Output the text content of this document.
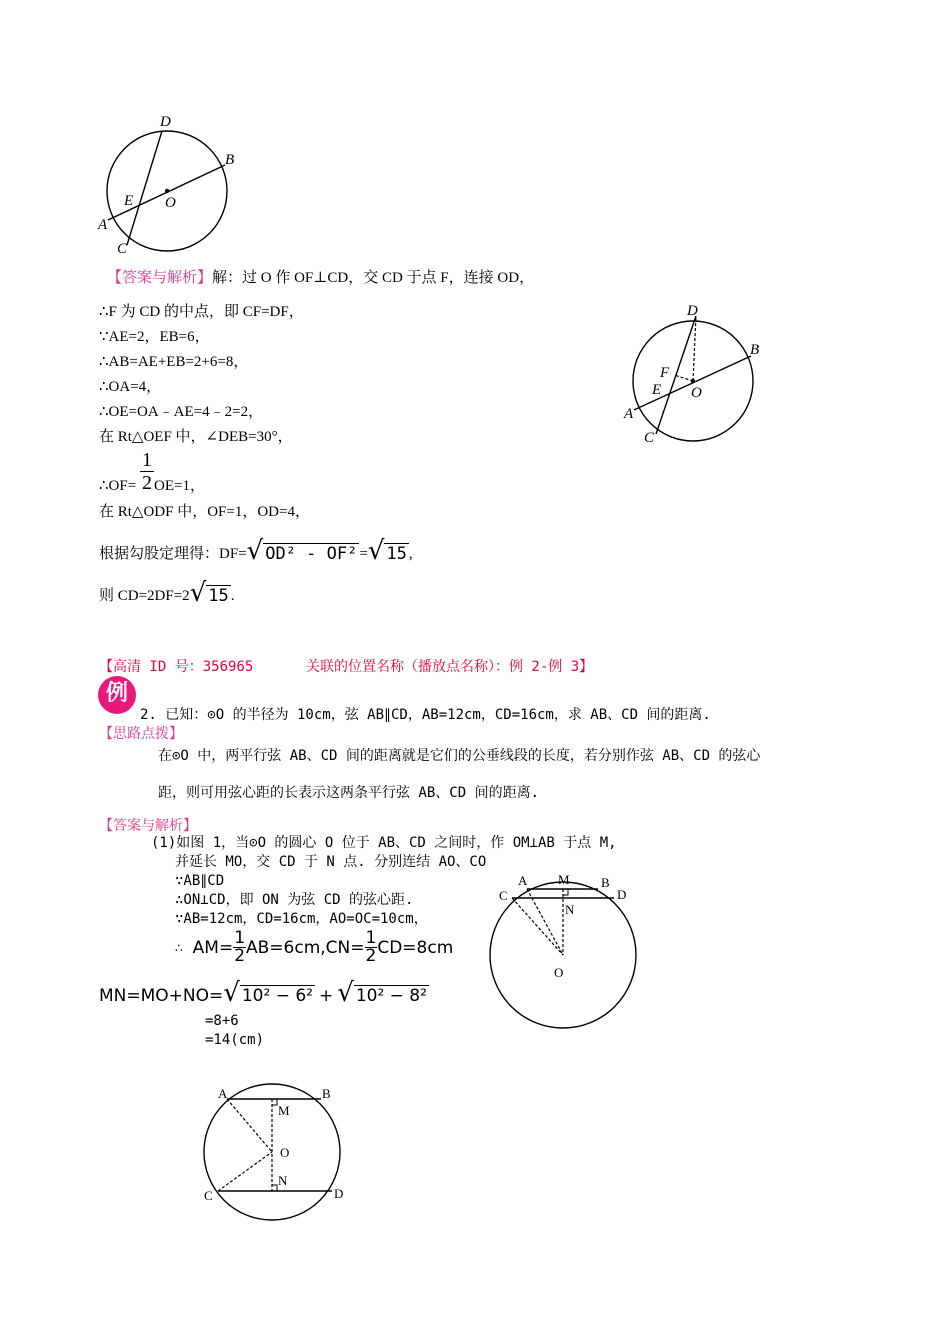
D
B
E O
A
C
D
B
F
E O
A
C
【答案与解析】解：过 O 作 OF⊥CD，交 CD 于点 F，连接 OD，
∴F 为 CD 的中点，即 CF=DF，
∵AE=2，EB=6，
∴AB=AE+EB=2+6=8，
∴OA=4，
∴OE=OA﹣AE=4﹣2=2，
在 Rt△OEF 中，∠DEB=30°，
∴OF=
1
2 OE=1，
在 Rt△ODF 中，OF=1，OD=4，
根据勾股定理得：DF= √ OD² - OF² = √ 15 ,
则 CD=2DF=2 √ 15 .
【高清 ID 号：356965	关联的位置名称（播放点名称）：例 2-例 3】
例
2. 已知：⊙O 的半径为 10cm，弦 AB∥CD，AB=12cm，CD=16cm，求 AB、CD 间的距离.
【思路点拨】
在⊙O 中，两平行弦 AB、CD 间的距离就是它们的公垂线段的长度，若分别作弦 AB、CD 的弦心
距，则可用弦心距的长表示这两条平行弦 AB、CD 间的距离.
【答案与解析】
(1)如图 1，当⊙O 的圆心 O 位于 AB、CD 之间时，作 OM⊥AB 于点 M,
并延长 MO，交 CD 于 N 点. 分别连结 AO、CO
∵AB∥CD
∴ON⊥CD，即 ON 为弦 CD 的弦心距.
∵AB=12cm，CD=16cm，AO=OC=10cm，
∴ $AM= \frac{1}{2} AB=6cm,CN= \frac{1}{2} CD=8cm$
MN=MO+NO= √ 10² − 6² + √ 10² − 8²
=8+6
=14(cm)
A M B
C	D
N
O
A	B
M
O
N
C	D
